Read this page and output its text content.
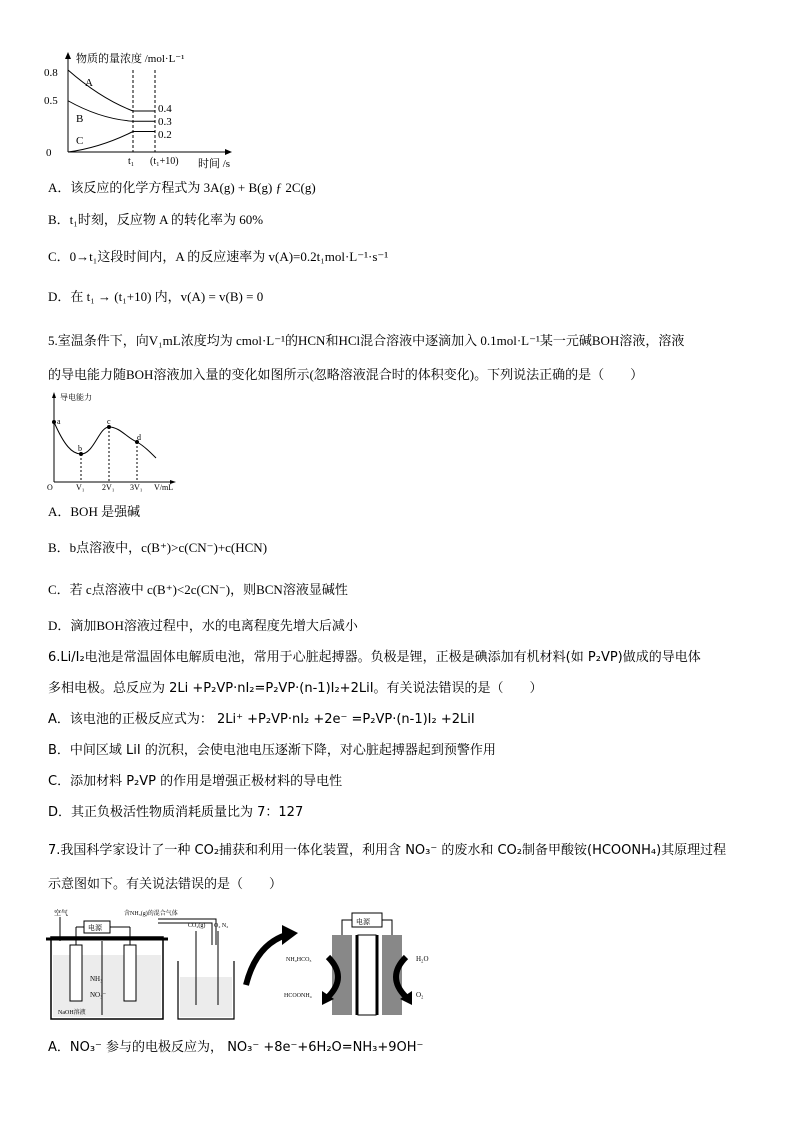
物质的量浓度 /mol·L⁻¹
时间 /s
0.8
0.5
0
t₁ (t₁+10)
A
B
C
0.4
0.3
0.2
A．该反应的化学方程式为 3A(g) + B(g) ƒ 2C(g)
B．t₁时刻，反应物 A 的转化率为 60%
C．0→t₁这段时间内，A 的反应速率为 v(A)=0.2t₁mol·L⁻¹·s⁻¹
D．在 t₁ → (t₁+10) 内，v(A) = v(B) = 0
5.室温条件下，向V₁mL浓度均为 cmol·L⁻¹的HCN和HCl混合溶液中逐滴加入 0.1mol·L⁻¹某一元碱BOH溶液，溶液
的导电能力随BOH溶液加入量的变化如图所示(忽略溶液混合时的体积变化)。下列说法正确的是（　　）
导电能力
O	V₁ 2V₁ 3V₁ V/mL
a
b
c
d
A．BOH 是强碱
B．b点溶液中，c(B⁺)>c(CN⁻)+c(HCN)
C．若 c点溶液中 c(B⁺)<2c(CN⁻)，则BCN溶液显碱性
D．滴加BOH溶液过程中，水的电离程度先增大后减小
6.Li/I₂电池是常温固体电解质电池，常用于心脏起搏器。负极是锂，正极是碘添加有机材料(如 P₂VP)做成的导电体
多相电极。总反应为 2Li +P₂VP·nI₂=P₂VP·(n-1)I₂+2LiI。有关说法错误的是（　　）
A．该电池的正极反应式为： 2Li⁺ +P₂VP·nI₂ +2e⁻ =P₂VP·(n-1)I₂ +2LiI
B．中间区域 LiI 的沉积，会使电池电压逐渐下降，对心脏起搏器起到预警作用
C．添加材料 P₂VP 的作用是增强正极材料的导电性
D．其正负极活性物质消耗质量比为 7：127
7.我国科学家设计了一种 CO₂捕获和利用一体化装置，利用含 NO₃⁻ 的废水和 CO₂制备甲酸铵(HCOONH₄)其原理过程
示意图如下。有关说法错误的是（　　）
空气
电源
含NH₃(g)的混合气体
NH₃
NO₃⁻
NaOH溶液
CO₂(g) O₂ N₂	电源
NH₄HCO₃
HCOONH₄
H₂O
O₂
A．NO₃⁻ 参与的电极反应为， NO₃⁻ +8e⁻+6H₂O=NH₃+9OH⁻
